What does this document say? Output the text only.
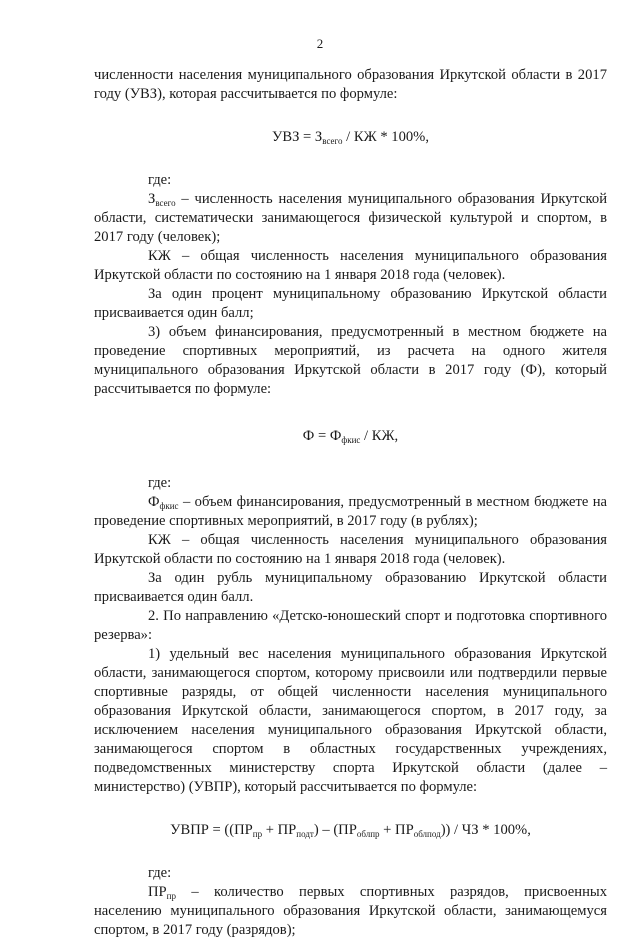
2

численности населения муниципального образования Иркутской области в 2017 году (УВЗ), которая рассчитывается по формуле:

УВЗ = $З_{всего}$ / КЖ * 100%,

где:

$З_{всего}$ – численность населения муниципального образования Иркутской области, систематически занимающегося физической культурой и спортом, в 2017 году (человек);

КЖ – общая численность населения муниципального образования Иркутской области по состоянию на 1 января 2018 года (человек).

За один процент муниципальному образованию Иркутской области присваивается один балл;

3) объем финансирования, предусмотренный в местном бюджете на проведение спортивных мероприятий, из расчета на одного жителя муниципального образования Иркутской области в 2017 году (Ф), который рассчитывается по формуле:

$Ф = Ф_{фкис}$ / КЖ,

где:

$Ф_{фкис}$ – объем финансирования, предусмотренный в местном бюджете на проведение спортивных мероприятий, в 2017 году (в рублях);

КЖ – общая численность населения муниципального образования Иркутской области по состоянию на 1 января 2018 года (человек).

За один рубль муниципальному образованию Иркутской области присваивается один балл.

2. По направлению «Детско-юношеский спорт и подготовка спортивного резерва»:

1) удельный вес населения муниципального образования Иркутской области, занимающегося спортом, которому присвоили или подтвердили первые спортивные разряды, от общей численности населения муниципального образования Иркутской области, занимающегося спортом, в 2017 году, за исключением населения муниципального образования Иркутской области, занимающегося спортом в областных государственных учреждениях, подведомственных министерству спорта Иркутской области (далее – министерство) (УВПР), который рассчитывается по формуле:

УВПР = $((ПР_{пр} + ПР_{подт}) - (ПР_{облпр} + ПР_{облпод}))$ / ЧЗ * 100%,

где:

$ПР_{пр}$ – количество первых спортивных разрядов, присвоенных населению муниципального образования Иркутской области, занимающемуся спортом, в 2017 году (разрядов);
